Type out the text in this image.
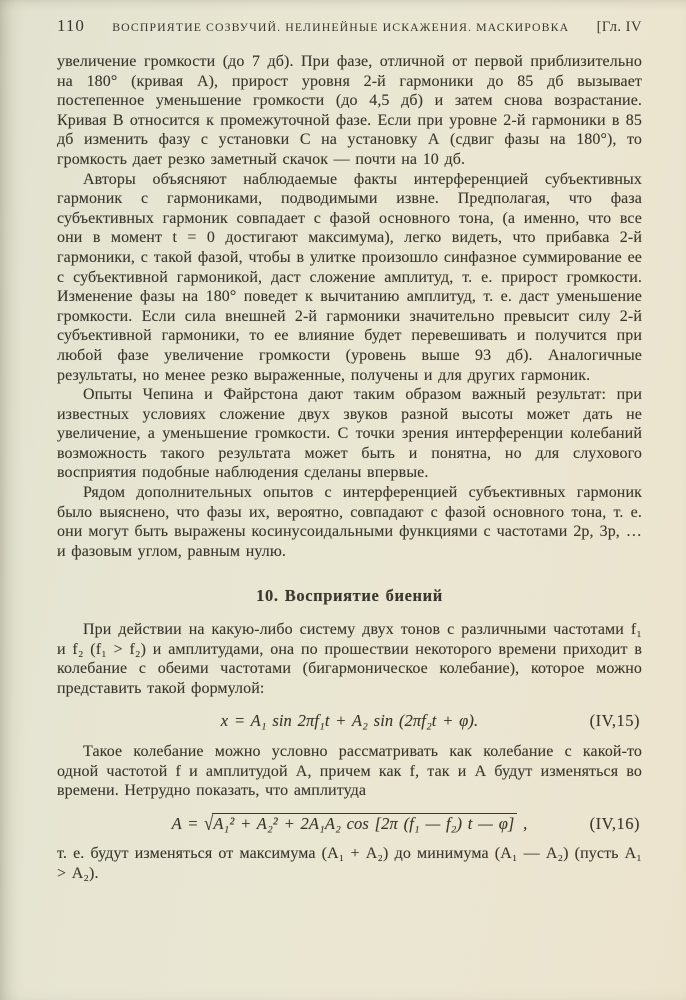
110	ВОСПРИЯТИЕ СОЗВУЧИЙ. НЕЛИНЕЙНЫЕ ИСКАЖЕНИЯ. МАСКИРОВКА	[Гл. IV

увеличение громкости (до 7 дб). При фазе, отличной от первой приблизительно на 180° (кривая А), прирост уровня 2-й гармоники до 85 дб вызывает постепенное уменьшение громкости (до 4,5 дб) и затем снова возрастание. Кривая В относится к промежуточной фазе. Если при уровне 2-й гармоники в 85 дб изменить фазу с установки С на установку А (сдвиг фазы на 180°), то громкость дает резко заметный скачок — почти на 10 дб.

Авторы объясняют наблюдаемые факты интерференцией субъективных гармоник с гармониками, подводимыми извне. Предполагая, что фаза субъективных гармоник совпадает с фазой основного тона, (а именно, что все они в момент t = 0 достигают максимума), легко видеть, что прибавка 2-й гармоники, с такой фазой, чтобы в улитке произошло синфазное суммирование ее с субъективной гармоникой, даст сложение амплитуд, т. е. прирост громкости. Изменение фазы на 180° поведет к вычитанию амплитуд, т. е. даст уменьшение громкости. Если сила внешней 2-й гармоники значительно превысит силу 2-й субъективной гармоники, то ее влияние будет перевешивать и получится при любой фазе увеличение громкости (уровень выше 93 дб). Аналогичные результаты, но менее резко выраженные, получены и для других гармоник.

Опыты Чепина и Файрстона дают таким образом важный результат: при известных условиях сложение двух звуков разной высоты может дать не увеличение, а уменьшение громкости. С точки зрения интерференции колебаний возможность такого результата может быть и понятна, но для слухового восприятия подобные наблюдения сделаны впервые.

Рядом дополнительных опытов с интерференцией субъективных гармоник было выяснено, что фазы их, вероятно, совпадают с фазой основного тона, т. е. они могут быть выражены косинусоидальными функциями с частотами 2p, 3p, … и фазовым углом, равным нулю.

10. Восприятие биений

При действии на какую-либо систему двух тонов с различными частотами f₁ и f₂ (f₁ > f₂) и амплитудами, она по прошествии некоторого времени приходит в колебание с обеими частотами (бигармоническое колебание), которое можно представить такой формулой:

x = A₁ sin 2πf₁t + A₂ sin (2πf₂t + φ).	(IV,15)

Такое колебание можно условно рассматривать как колебание с какой-то одной частотой f и амплитудой А, причем как f, так и А будут изменяться во времени. Нетрудно показать, что амплитуда

A = √A₁² + A₂² + 2A₁A₂ cos [2π (f₁ — f₂) t — φ] ,	(IV,16)

т. е. будут изменяться от максимума (А₁ + А₂) до минимума (А₁ — А₂) (пусть А₁ > А₂).
